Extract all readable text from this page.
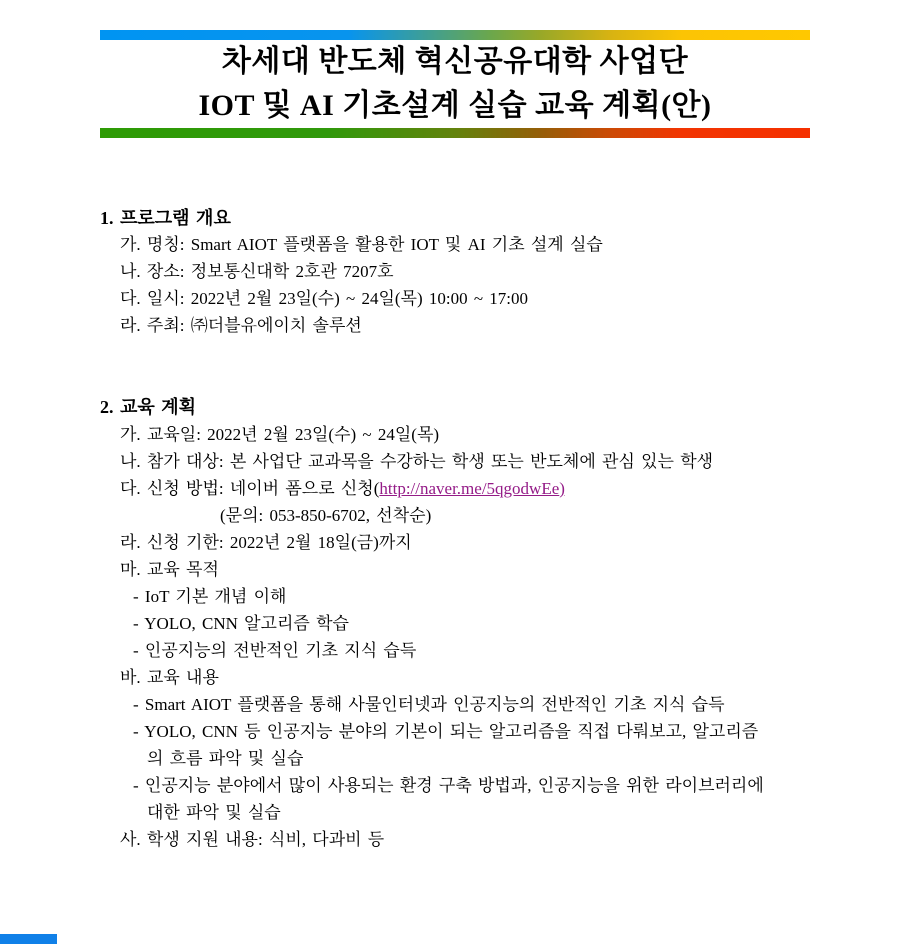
차세대 반도체 혁신공유대학 사업단
IOT 및 AI 기초설계 실습 교육 계획(안)
1. 프로그램 개요
가. 명칭: Smart AIOT 플랫폼을 활용한 IOT 및 AI 기초 설계 실습
나. 장소: 정보통신대학 2호관 7207호
다. 일시: 2022년 2월 23일(수) ~ 24일(목) 10:00 ~ 17:00
라. 주최: ㈜더블유에이치 솔루션
2. 교육 계획
가. 교육일: 2022년 2월 23일(수) ~ 24일(목)
나. 참가 대상: 본 사업단 교과목을 수강하는 학생 또는 반도체에 관심 있는 학생
다. 신청 방법: 네이버 폼으로 신청(http://naver.me/5qgodwEe)
(문의: 053-850-6702, 선착순)
라. 신청 기한: 2022년 2월 18일(금)까지
마. 교육 목적
- IoT 기본 개념 이해
- YOLO, CNN 알고리즘 학습
- 인공지능의 전반적인 기초 지식 습득
바. 교육 내용
- Smart AIOT 플랫폼을 통해 사물인터넷과 인공지능의 전반적인 기초 지식 습득
- YOLO, CNN 등 인공지능 분야의 기본이 되는 알고리즘을 직접 다뤄보고, 알고리즘
의 흐름 파악 및 실습
- 인공지능 분야에서 많이 사용되는 환경 구축 방법과, 인공지능을 위한 라이브러리에
대한 파악 및 실습
사. 학생 지원 내용: 식비, 다과비 등
